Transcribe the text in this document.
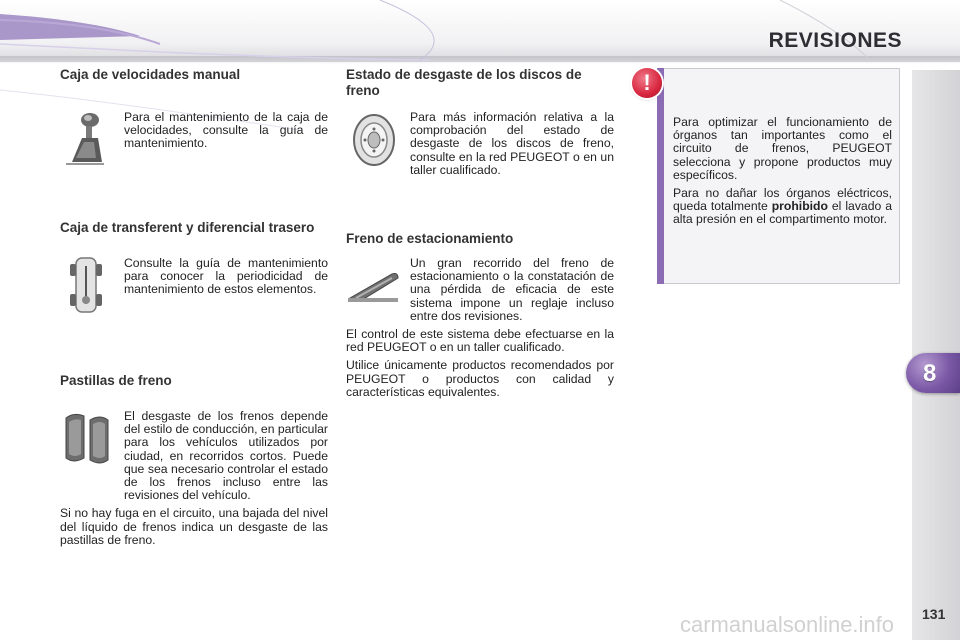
REVISIONES
8
131
carmanualsonline.info
Caja de velocidades manual
Para el mantenimiento de la caja de velocidades, consulte la guía de mantenimiento.
Caja de transferent y diferencial trasero
Consulte la guía de mantenimiento para conocer la periodicidad de mantenimiento de estos elementos.
Pastillas de freno

El desgaste de los frenos depende del estilo de conducción, en particular para los vehículos utilizados por ciudad, en recorridos cortos. Puede que sea necesario controlar el estado de los frenos incluso entre las revisiones del vehículo.

Si no hay fuga en el circuito, una bajada del nivel del líquido de frenos indica un desgaste de las pastillas de freno.

Estado de desgaste de los discos de freno
Para más información relativa a la comprobación del estado de desgaste de los discos de freno, consulte en la red PEUGEOT o en un taller cualificado.
Freno de estacionamiento

Un gran recorrido del freno de estacionamiento o la constatación de una pérdida de eficacia de este sistema impone un reglaje incluso entre dos revisiones.

El control de este sistema debe efectuarse en la red PEUGEOT o en un taller cualificado.

Utilice únicamente productos recomendados por PEUGEOT o productos con calidad y características equivalentes.

!

Para optimizar el funcionamiento de órganos tan importantes como el circuito de frenos, PEUGEOT selecciona y propone productos muy específicos.

Para no dañar los órganos eléctricos, queda totalmente prohibido el lavado a alta presión en el compartimento motor.
